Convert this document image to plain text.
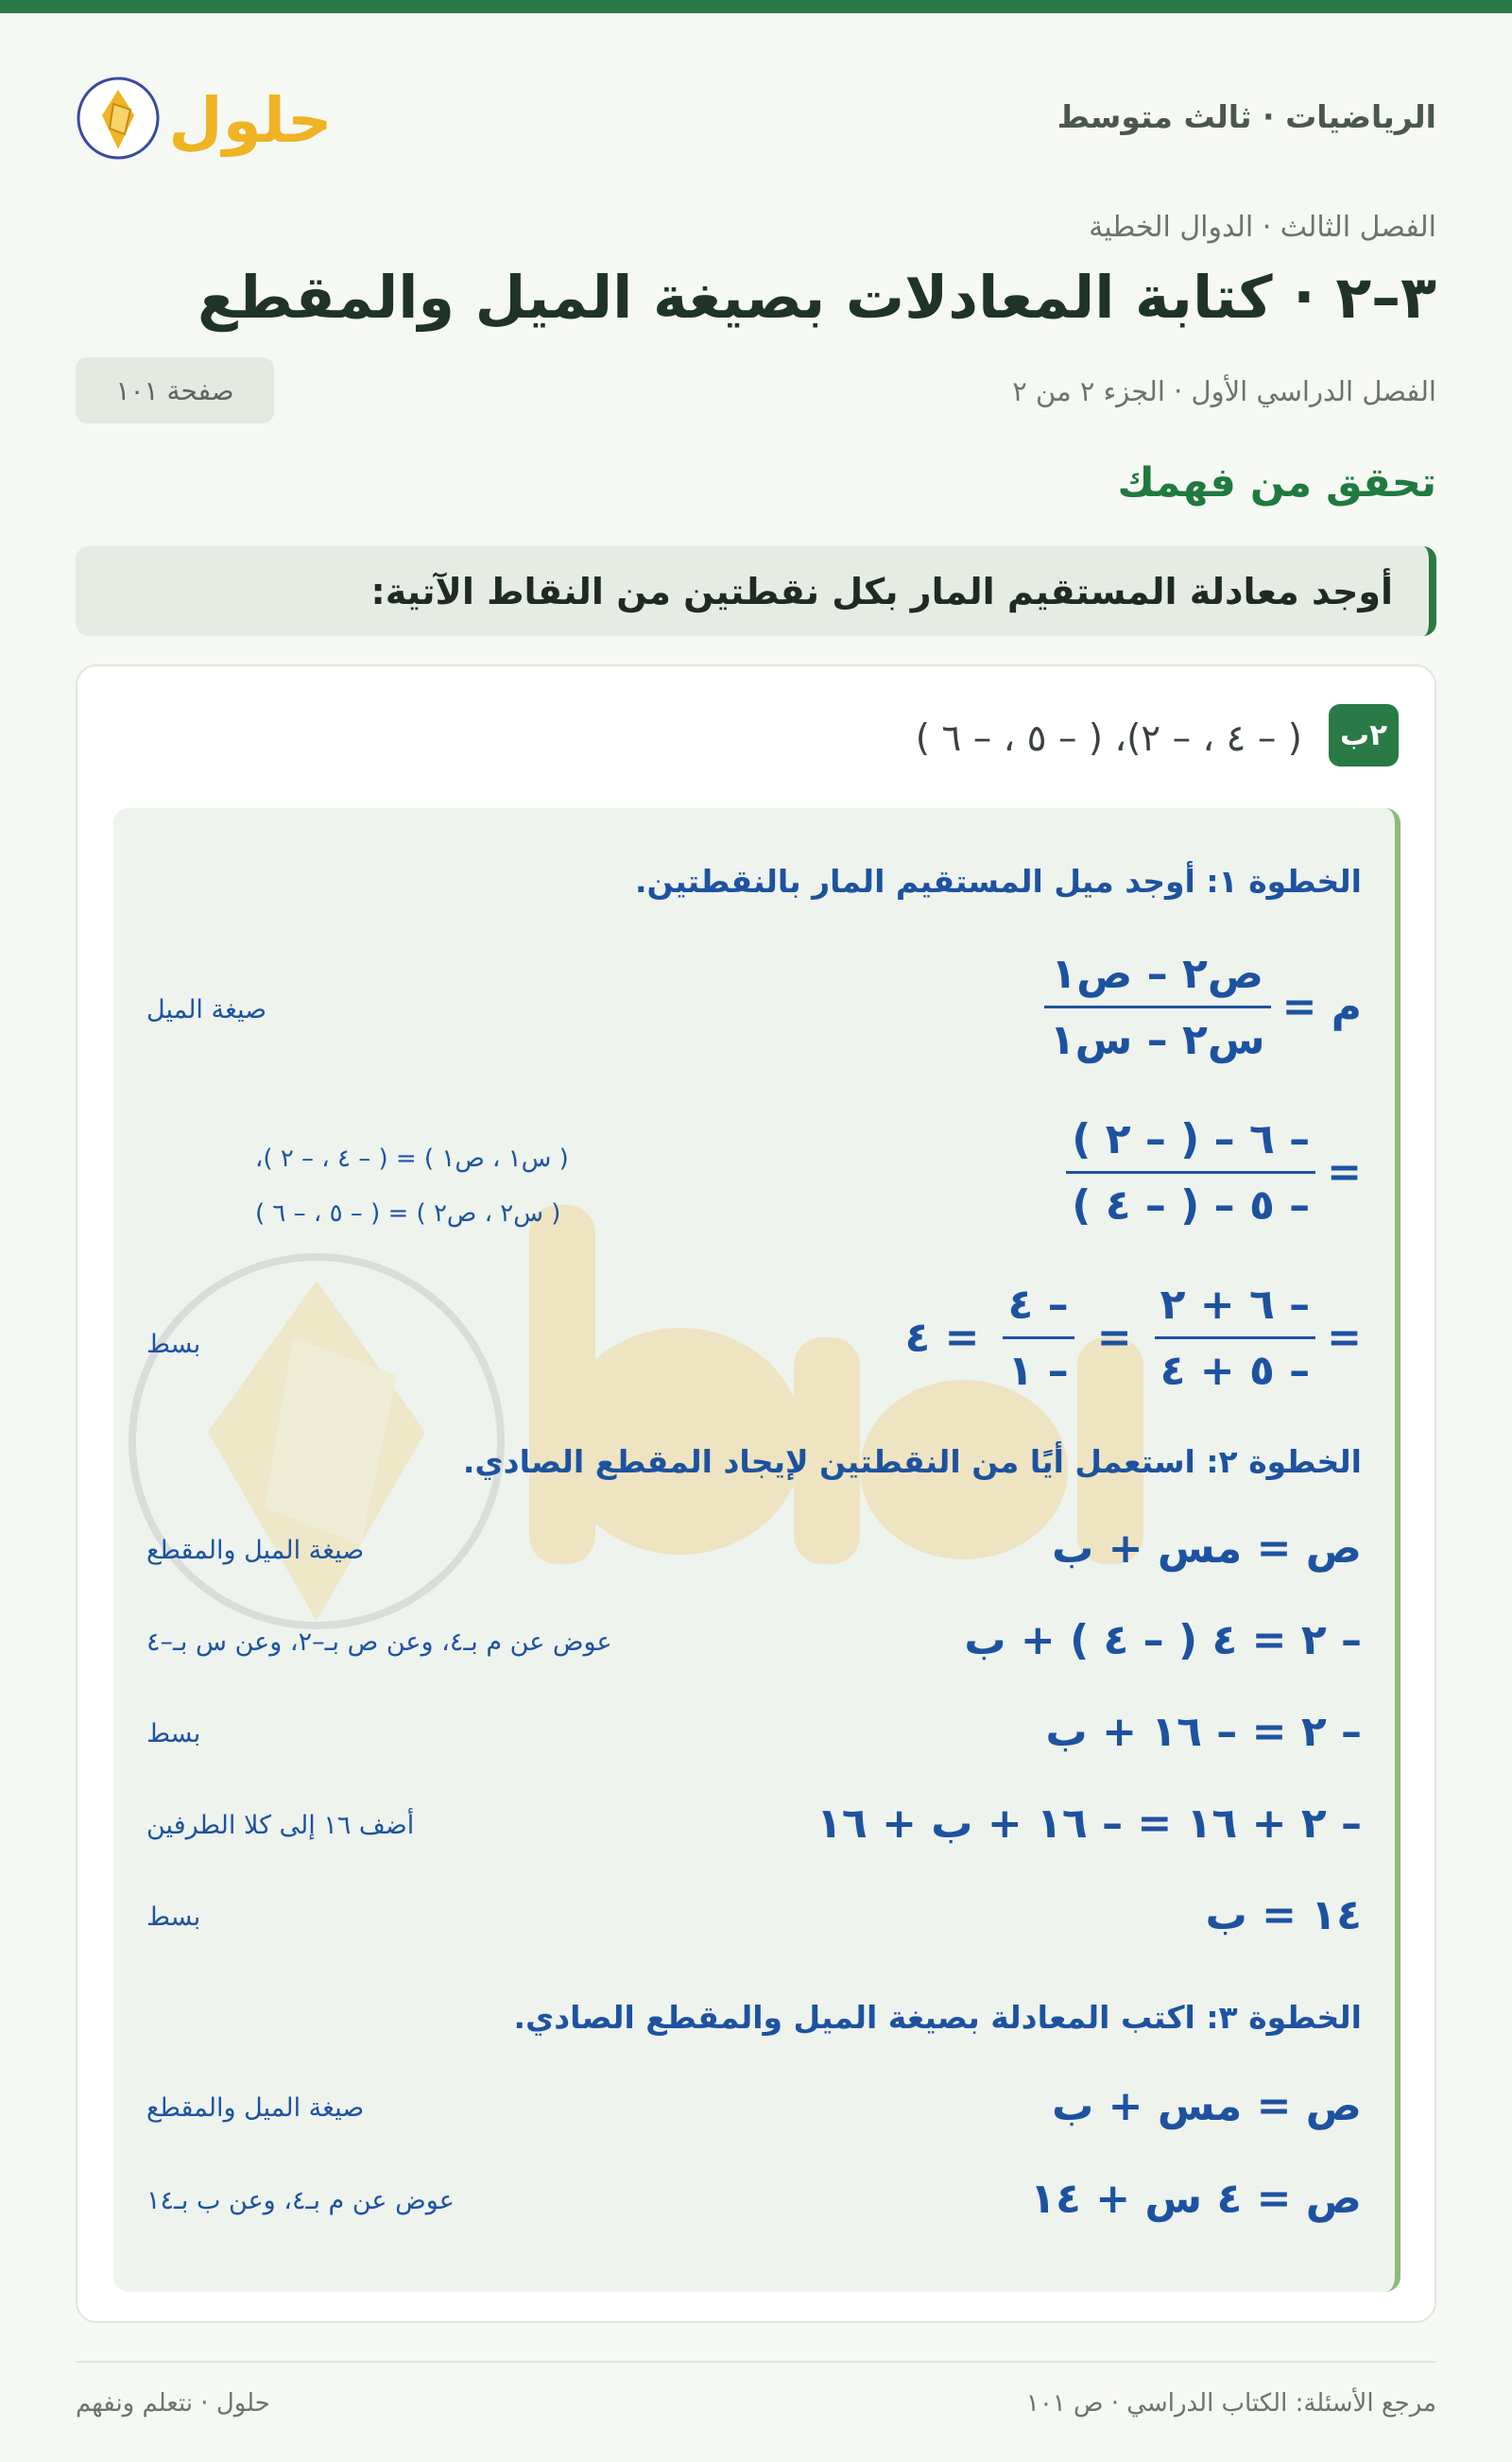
الرياضيات · ثالث متوسط
حلول
الفصل الثالث · الدوال الخطية
٣–٢ · كتابة المعادلات بصيغة الميل والمقطع
الفصل الدراسي الأول · الجزء ٢ من ٢
صفحة ١٠١
تحقق من فهمك
أوجد معادلة المستقيم المار بكل نقطتين من النقاط الآتية:
٢ب
( – ٤ ، – ٢)، ( – ٥ ، – ٦ )
الخطوة ١: أوجد ميل المستقيم المار بالنقطتين.
م =
$\frac{\text{ص٢ – ص١}}{\text{س٢ – س١}}$
صيغة الميل
=
$\frac{- ٦ - ( - ٢ )}{- ٥ - ( - ٤ )}$
( س١ ، ص١ ) = ( – ٤ ، – ٢ )،
( س٢ ، ص٢ ) = ( – ٥ ، – ٦ )
=
$\frac{- ٦ + ٢}{- ٥ + ٤}$
=
$\frac{- ٤}{- ١}$
= ٤
بسط
الخطوة ٢: استعمل أيًا من النقطتين لإيجاد المقطع الصادي.
ص = مس + ب
صيغة الميل والمقطع
– ٢ = ٤ ( – ٤ ) + ب
عوض عن م بـ٤، وعن ص بـ–٢، وعن س بـ–٤
– ٢ = – ١٦ + ب
بسط
– ٢ + ١٦ = – ١٦ + ب + ١٦
أضف ١٦ إلى كلا الطرفين
١٤ = ب
بسط
الخطوة ٣: اكتب المعادلة بصيغة الميل والمقطع الصادي.
ص = مس + ب
صيغة الميل والمقطع
ص = ٤ س + ١٤
عوض عن م بـ٤، وعن ب بـ١٤
مرجع الأسئلة: الكتاب الدراسي · ص ١٠١
حلول · نتعلم ونفهم
